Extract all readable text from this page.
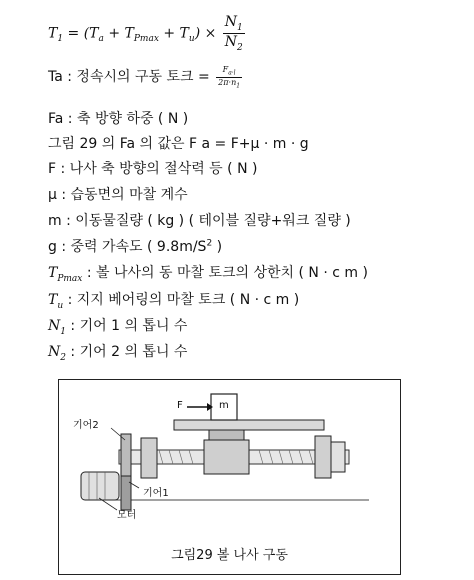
$T_1 = (T_a + T_{Pmax} + T_u) \times \frac{N_1}{N_2}$
Ta : 정속시의 구동 토크 = $\frac{F_{a\cdot l}}{2\pi\cdot n_1}$
Fa : 축 방향 하중 ( N )
그림 29 의 Fa 의 값은 F a = F+μ · m · g
F : 나사 축 방향의 절삭력 등 ( N )
μ : 습동면의 마찰 계수
m : 이동물질량 ( kg ) ( 테이블 질량+워크 질량 )
g : 중력 가속도 ( $9.8m/S^2$ )
$T_{Pmax}$ : 볼 나사의 동 마찰 토크의 상한치 ( N · c m )
$T_u$ : 지지 베어링의 마찰 토크 ( N · c m )
$N_1$ : 기어 1 의 톱니 수
$N_2$ : 기어 2 의 톱니 수
기어2
기어1
모터
F	m
그림29 볼 나사 구동
